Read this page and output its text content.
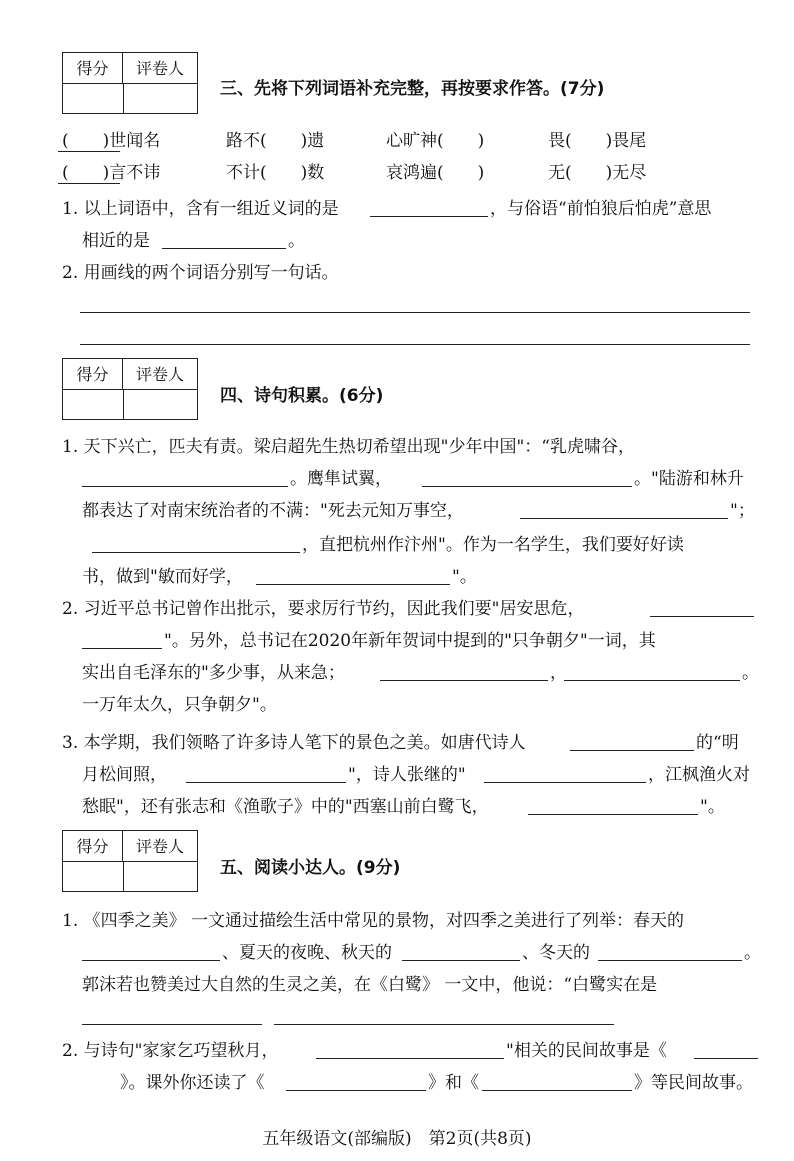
得分	评卷人
三、先将下列词语补充完整，再按要求作答。(7分)
(　　)世闻名	路不(　　)遗	心旷神(　　)	畏(　　)畏尾
(　　)言不讳	不计(　　)数	哀鸿遍(　　)	无(　　)无尽
1. 以上词语中，含有一组近义词的是	，与俗语“前怕狼后怕虎”意思
相近的是	。
2. 用画线的两个词语分别写一句话。
得分	评卷人
四、诗句积累。(6分)
1. 天下兴亡，匹夫有责。梁启超先生热切希望出现"少年中国"：“乳虎啸谷，
。鹰隼试翼，	。"陆游和林升
都表达了对南宋统治者的不满："死去元知万事空，	"；
，直把杭州作汴州"。作为一名学生，我们要好好读
书，做到"敏而好学，	"。
2. 习近平总书记曾作出批示，要求厉行节约，因此我们要"居安思危，
"。另外，总书记在2020年新年贺词中提到的"只争朝夕"一词，其
实出自毛泽东的"多少事，从来急；	，	。
一万年太久，只争朝夕"。
3. 本学期，我们领略了许多诗人笔下的景色之美。如唐代诗人	的“明
月松间照，	"，诗人张继的"	，江枫渔火对
愁眠"，还有张志和《渔歌子》中的"西塞山前白鹭飞，	"。
得分	评卷人
五、阅读小达人。(9分)
1. 《四季之美》 一文通过描绘生活中常见的景物，对四季之美进行了列举：春天的
、夏天的夜晚、秋天的	、冬天的	。
郭沫若也赞美过大自然的生灵之美，在《白鹭》 一文中，他说：“白鹭实在是
2. 与诗句"家家乞巧望秋月，	"相关的民间故事是《
》。课外你还读了《	》和《	》等民间故事。
五年级语文(部编版)　第2页(共8页)
